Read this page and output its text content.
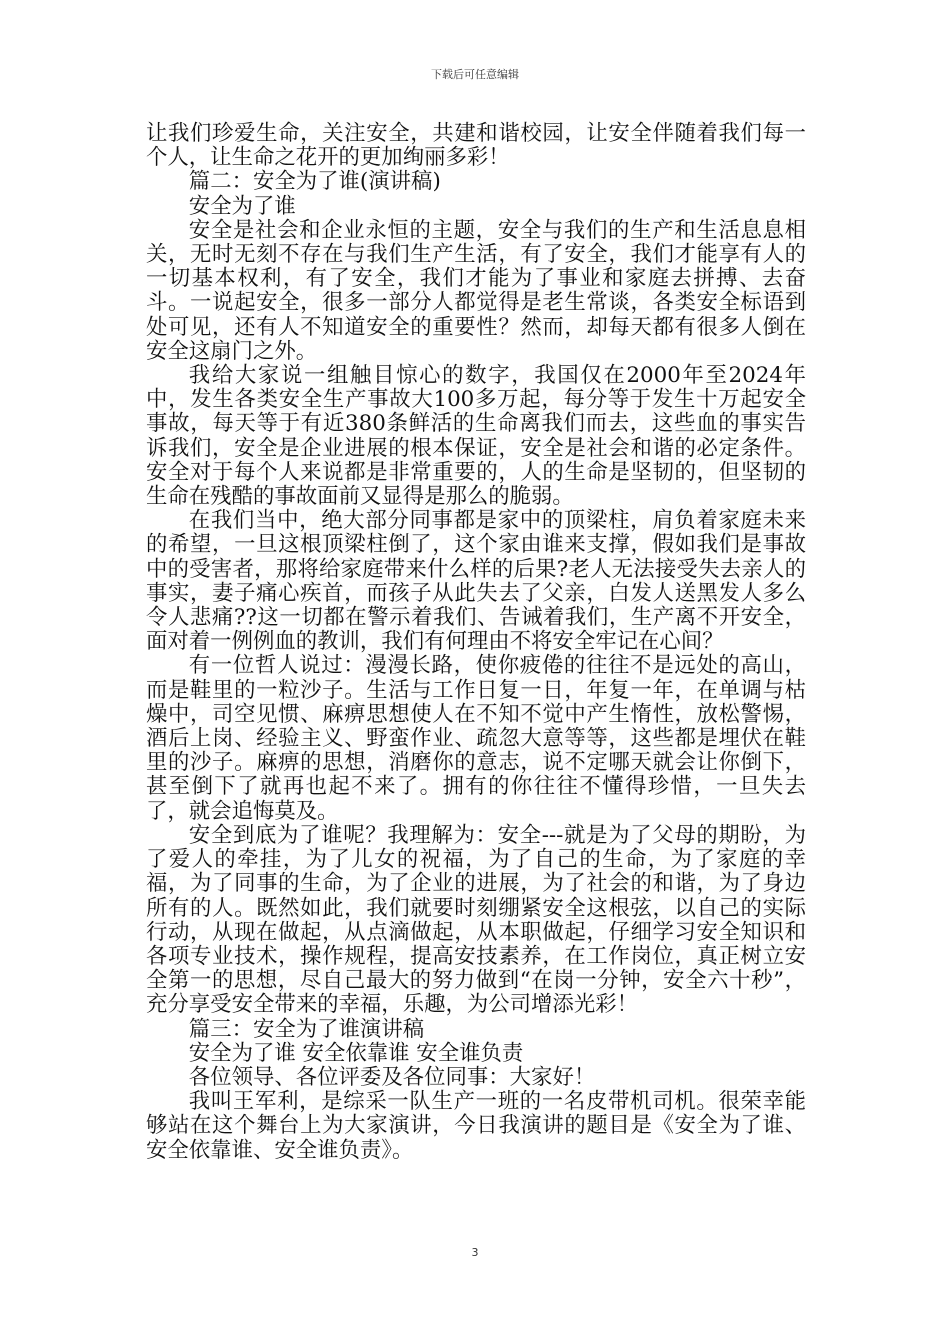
下载后可任意编辑

让我们珍爱生命，关注安全，共建和谐校园，让安全伴随着我们每一个人，让生命之花开的更加绚丽多彩！

篇二：安全为了谁(演讲稿)

安全为了谁

安全是社会和企业永恒的主题，安全与我们的生产和生活息息相关，无时无刻不存在与我们生产生活，有了安全，我们才能享有人的一切基本权利，有了安全，我们才能为了事业和家庭去拼搏、去奋斗。一说起安全，很多一部分人都觉得是老生常谈，各类安全标语到处可见，还有人不知道安全的重要性？然而，却每天都有很多人倒在安全这扇门之外。

我给大家说一组触目惊心的数字，我国仅在2000年至2024年中，发生各类安全生产事故大100多万起，每分等于发生十万起安全事故，每天等于有近380条鲜活的生命离我们而去，这些血的事实告诉我们，安全是企业进展的根本保证，安全是社会和谐的必定条件。安全对于每个人来说都是非常重要的，人的生命是坚韧的，但坚韧的生命在残酷的事故面前又显得是那么的脆弱。

在我们当中，绝大部分同事都是家中的顶梁柱，肩负着家庭未来的希望，一旦这根顶梁柱倒了，这个家由谁来支撑，假如我们是事故中的受害者，那将给家庭带来什么样的后果?老人无法接受失去亲人的事实，妻子痛心疾首，而孩子从此失去了父亲，白发人送黑发人多么令人悲痛??这一切都在警示着我们、告诫着我们，生产离不开安全，面对着一例例血的教训，我们有何理由不将安全牢记在心间？

有一位哲人说过：漫漫长路，使你疲倦的往往不是远处的高山，而是鞋里的一粒沙子。生活与工作日复一日，年复一年，在单调与枯燥中，司空见惯、麻痹思想使人在不知不觉中产生惰性，放松警惕，酒后上岗、经验主义、野蛮作业、疏忽大意等等，这些都是埋伏在鞋里的沙子。麻痹的思想，消磨你的意志，说不定哪天就会让你倒下，甚至倒下了就再也起不来了。拥有的你往往不懂得珍惜，一旦失去了，就会追悔莫及。

安全到底为了谁呢？我理解为：安全---就是为了父母的期盼，为了爱人的牵挂，为了儿女的祝福，为了自己的生命，为了家庭的幸福，为了同事的生命，为了企业的进展，为了社会的和谐，为了身边所有的人。既然如此，我们就要时刻绷紧安全这根弦，以自己的实际行动，从现在做起，从点滴做起，从本职做起，仔细学习安全知识和各项专业技术，操作规程，提高安技素养，在工作岗位，真正树立安全第一的思想，尽自己最大的努力做到“在岗一分钟，安全六十秒”，充分享受安全带来的幸福，乐趣，为公司增添光彩！

篇三：安全为了谁演讲稿

安全为了谁 安全依靠谁 安全谁负责

各位领导、各位评委及各位同事：大家好！

我叫王军利，是综采一队生产一班的一名皮带机司机。很荣幸能够站在这个舞台上为大家演讲，今日我演讲的题目是《安全为了谁、安全依靠谁、安全谁负责》。

3
